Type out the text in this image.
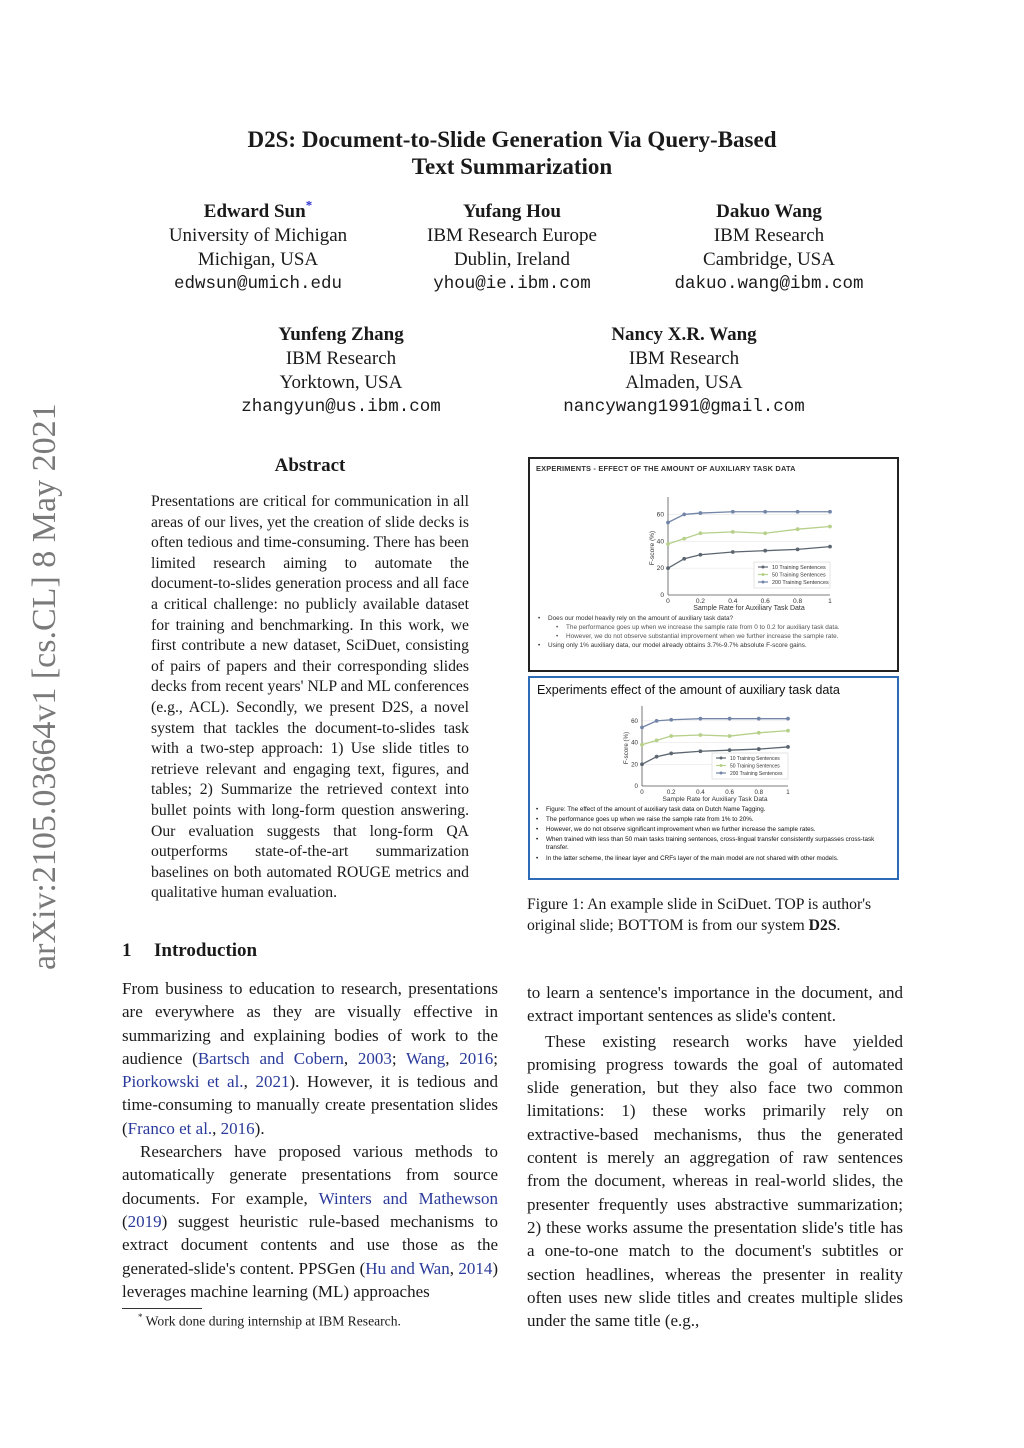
D2S: Document-to-Slide Generation Via Query-Based
Text Summarization
Edward Sun*
University of Michigan
Michigan, USA
edwsun@umich.edu
Yufang Hou
IBM Research Europe
Dublin, Ireland
yhou@ie.ibm.com
Dakuo Wang
IBM Research
Cambridge, USA
dakuo.wang@ibm.com
Yunfeng Zhang
IBM Research
Yorktown, USA
zhangyun@us.ibm.com
Nancy X.R. Wang
IBM Research
Almaden, USA
nancywang1991@gmail.com
arXiv:2105.03664v1 [cs.CL] 8 May 2021	Abstract
Presentations are critical for communication in all areas of our lives, yet the creation of slide decks is often tedious and time-consuming. There has been limited research aiming to automate the document-to-slides generation process and all face a critical challenge: no publicly available dataset for training and benchmarking. In this work, we first contribute a new dataset, SciDuet, consisting of pairs of papers and their corresponding slides decks from recent years' NLP and ML conferences (e.g., ACL). Secondly, we present D2S, a novel system that tackles the document-to-slides task with a two-step approach: 1) Use slide titles to retrieve relevant and engaging text, figures, and tables; 2) Summarize the retrieved context into bullet points with long-form question answering. Our evaluation suggests that long-form QA outperforms state-of-the-art summarization baselines on both automated ROUGE metrics and qualitative human evaluation.
1 Introduction

From business to education to research, presentations are everywhere as they are visually effective in summarizing and explaining bodies of work to the audience (Bartsch and Cobern, 2003; Wang, 2016; Piorkowski et al., 2021). However, it is tedious and time-consuming to manually create presentation slides (Franco et al., 2016).

Researchers have proposed various methods to automatically generate presentations from source documents. For example, Winters and Mathewson (2019) suggest heuristic rule-based mechanisms to extract document contents and use those as the generated-slide's content. PPSGen (Hu and Wan, 2014) leverages machine learning (ML) approaches

* Work done during internship at IBM Research.
EXPERIMENTS - EFFECT OF THE AMOUNT OF AUXILIARY TASK DATA
0
20
40
60
0	0.2	0.4	0.6	0.8	1
Sample Rate for Auxiliary Task Data
F-score (%)
10 Training Sentences
50 Training Sentences
200 Training Sentences
• Does our model heavily rely on the amount of auxiliary task data?
• The performance goes up when we increase the sample rate from 0 to 0.2 for auxiliary task data.
• However, we do not observe substantial improvement when we further increase the sample rate.
• Using only 1% auxiliary data, our model already obtains 3.7%-9.7% absolute F-score gains.
Experiments effect of the amount of auxiliary task data
0
20
40
60
0	0.2	0.4	0.6	0.8	1
Sample Rate for Auxiliary Task Data
F-score (%)	10 Training Sentences
50 Training Sentences
200 Training Sentences
• Figure: The effect of the amount of auxiliary task data on Dutch Name Tagging.
• The performance goes up when we raise the sample rate from 1% to 20%.
• However, we do not observe significant improvement when we further increase the sample rates.
• When trained with less than 50 main tasks training sentences, cross-lingual transfer consistently surpasses cross-task transfer.
• In the latter scheme, the linear layer and CRFs layer of the main model are not shared with other models.
Figure 1: An example slide in SciDuet. TOP is author's original slide; BOTTOM is from our system D2S.

to learn a sentence's importance in the document, and extract important sentences as slide's content.

These existing research works have yielded promising progress towards the goal of automated slide generation, but they also face two common limitations: 1) these works primarily rely on extractive-based mechanisms, thus the generated content is merely an aggregation of raw sentences from the document, whereas in real-world slides, the presenter frequently uses abstractive summarization; 2) these works assume the presentation slide's title has a one-to-one match to the document's subtitles or section headlines, whereas the presenter in reality often uses new slide titles and creates multiple slides under the same title (e.g.,
